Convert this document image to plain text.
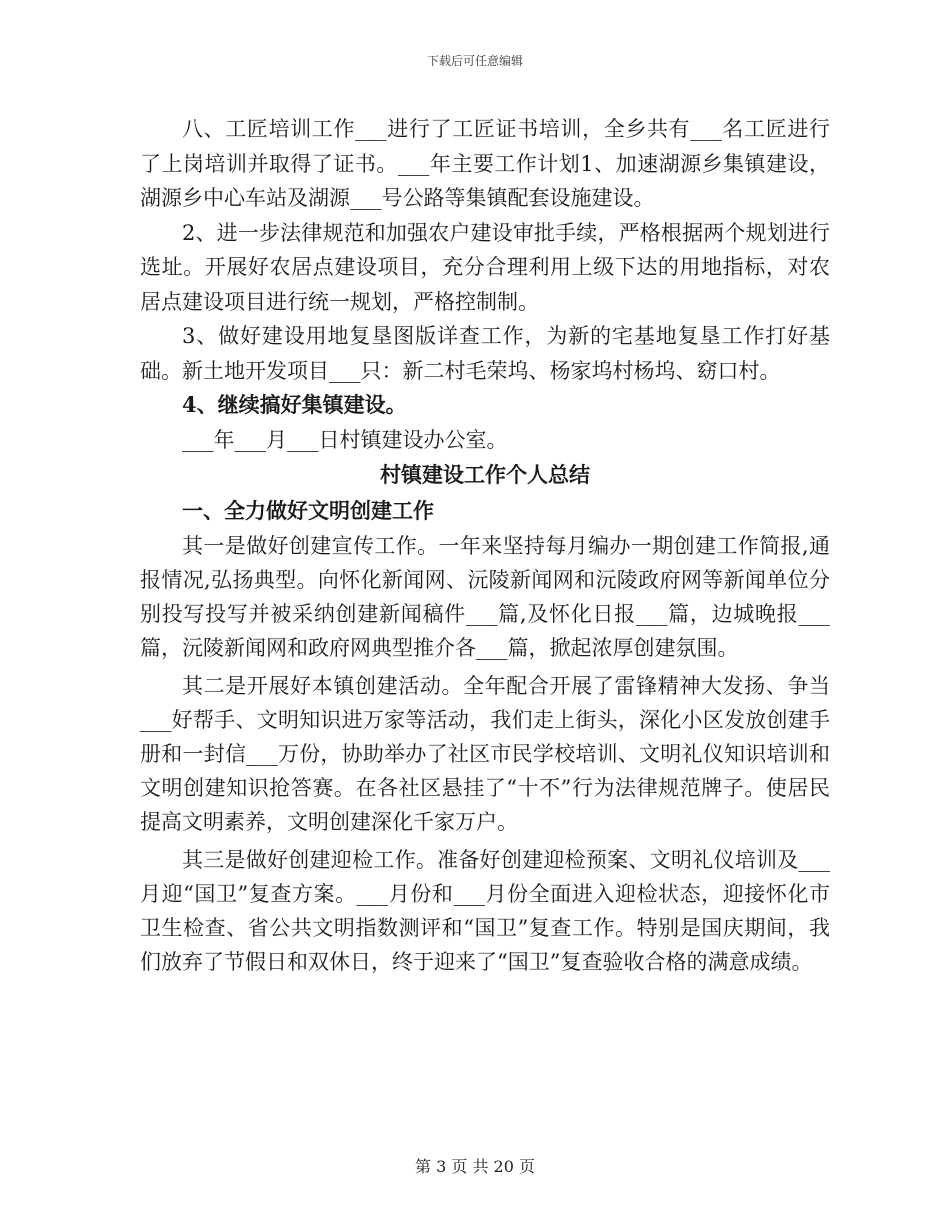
下载后可任意编辑

八、工匠培训工作___进行了工匠证书培训，全乡共有___名工匠进行了上岗培训并取得了证书。___年主要工作计划1、加速湖源乡集镇建设，湖源乡中心车站及湖源___号公路等集镇配套设施建设。

2、进一步法律规范和加强农户建设审批手续，严格根据两个规划进行选址。开展好农居点建设项目，充分合理利用上级下达的用地指标，对农居点建设项目进行统一规划，严格控制制。

3、做好建设用地复垦图版详查工作，为新的宅基地复垦工作打好基础。新土地开发项目___只：新二村毛荣坞、杨家坞村杨坞、窈口村。

4、继续搞好集镇建设。

___年___月___日村镇建设办公室。

村镇建设工作个人总结
一、全力做好文明创建工作

其一是做好创建宣传工作。一年来坚持每月编办一期创建工作简报,通报情况,弘扬典型。向怀化新闻网、沅陵新闻网和沅陵政府网等新闻单位分别投写投写并被采纳创建新闻稿件___篇,及怀化日报___篇，边城晚报___篇，沅陵新闻网和政府网典型推介各___篇，掀起浓厚创建氛围。

其二是开展好本镇创建活动。全年配合开展了雷锋精神大发扬、争当___好帮手、文明知识进万家等活动，我们走上街头，深化小区发放创建手册和一封信___万份，协助举办了社区市民学校培训、文明礼仪知识培训和文明创建知识抢答赛。在各社区悬挂了“十不”行为法律规范牌子。使居民提高文明素养，文明创建深化千家万户。

其三是做好创建迎检工作。准备好创建迎检预案、文明礼仪培训及___月迎“国卫”复查方案。___月份和___月份全面进入迎检状态，迎接怀化市卫生检查、省公共文明指数测评和“国卫”复查工作。特别是国庆期间，我们放弃了节假日和双休日，终于迎来了“国卫”复查验收合格的满意成绩。

第 3 页 共 20 页
